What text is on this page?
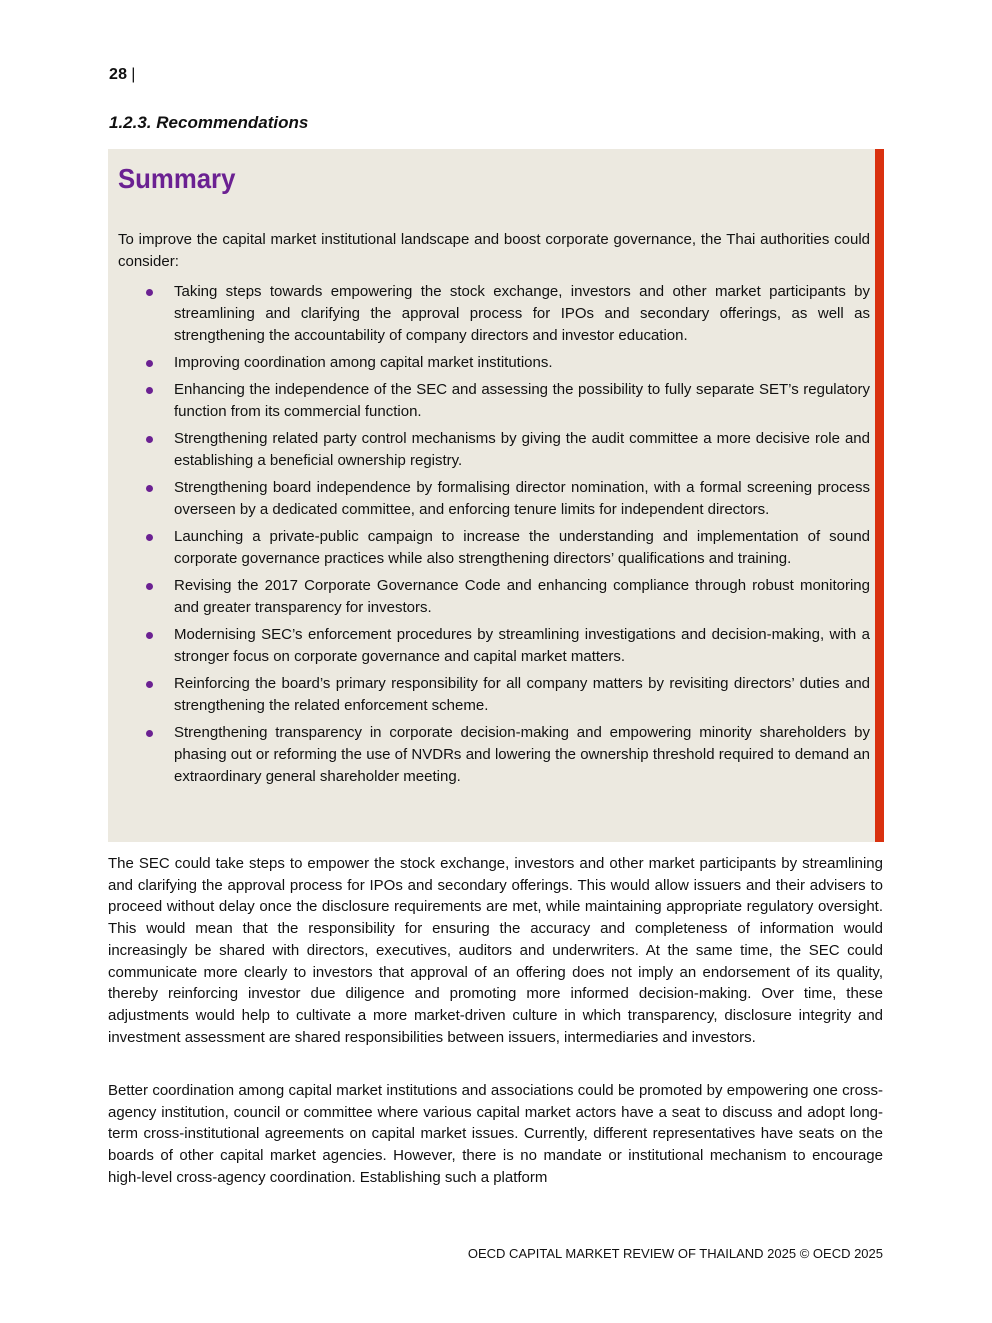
28 |
1.2.3. Recommendations
Summary
To improve the capital market institutional landscape and boost corporate governance, the Thai authorities could consider:
Taking steps towards empowering the stock exchange, investors and other market participants by streamlining and clarifying the approval process for IPOs and secondary offerings, as well as strengthening the accountability of company directors and investor education.
Improving coordination among capital market institutions.
Enhancing the independence of the SEC and assessing the possibility to fully separate SET’s regulatory function from its commercial function.
Strengthening related party control mechanisms by giving the audit committee a more decisive role and establishing a beneficial ownership registry.
Strengthening board independence by formalising director nomination, with a formal screening process overseen by a dedicated committee, and enforcing tenure limits for independent directors.
Launching a private-public campaign to increase the understanding and implementation of sound corporate governance practices while also strengthening directors’ qualifications and training.
Revising the 2017 Corporate Governance Code and enhancing compliance through robust monitoring and greater transparency for investors.
Modernising SEC’s enforcement procedures by streamlining investigations and decision-making, with a stronger focus on corporate governance and capital market matters.
Reinforcing the board’s primary responsibility for all company matters by revisiting directors’ duties and strengthening the related enforcement scheme.
Strengthening transparency in corporate decision-making and empowering minority shareholders by phasing out or reforming the use of NVDRs and lowering the ownership threshold required to demand an extraordinary general shareholder meeting.

The SEC could take steps to empower the stock exchange, investors and other market participants by streamlining and clarifying the approval process for IPOs and secondary offerings. This would allow issuers and their advisers to proceed without delay once the disclosure requirements are met, while maintaining appropriate regulatory oversight. This would mean that the responsibility for ensuring the accuracy and completeness of information would increasingly be shared with directors, executives, auditors and underwriters. At the same time, the SEC could communicate more clearly to investors that approval of an offering does not imply an endorsement of its quality, thereby reinforcing investor due diligence and promoting more informed decision-making. Over time, these adjustments would help to cultivate a more market-driven culture in which transparency, disclosure integrity and investment assessment are shared responsibilities between issuers, intermediaries and investors.

Better coordination among capital market institutions and associations could be promoted by empowering one cross-agency institution, council or committee where various capital market actors have a seat to discuss and adopt long-term cross-institutional agreements on capital market issues. Currently, different representatives have seats on the boards of other capital market agencies. However, there is no mandate or institutional mechanism to encourage high-level cross-agency coordination. Establishing such a platform

OECD CAPITAL MARKET REVIEW OF THAILAND 2025 © OECD 2025
